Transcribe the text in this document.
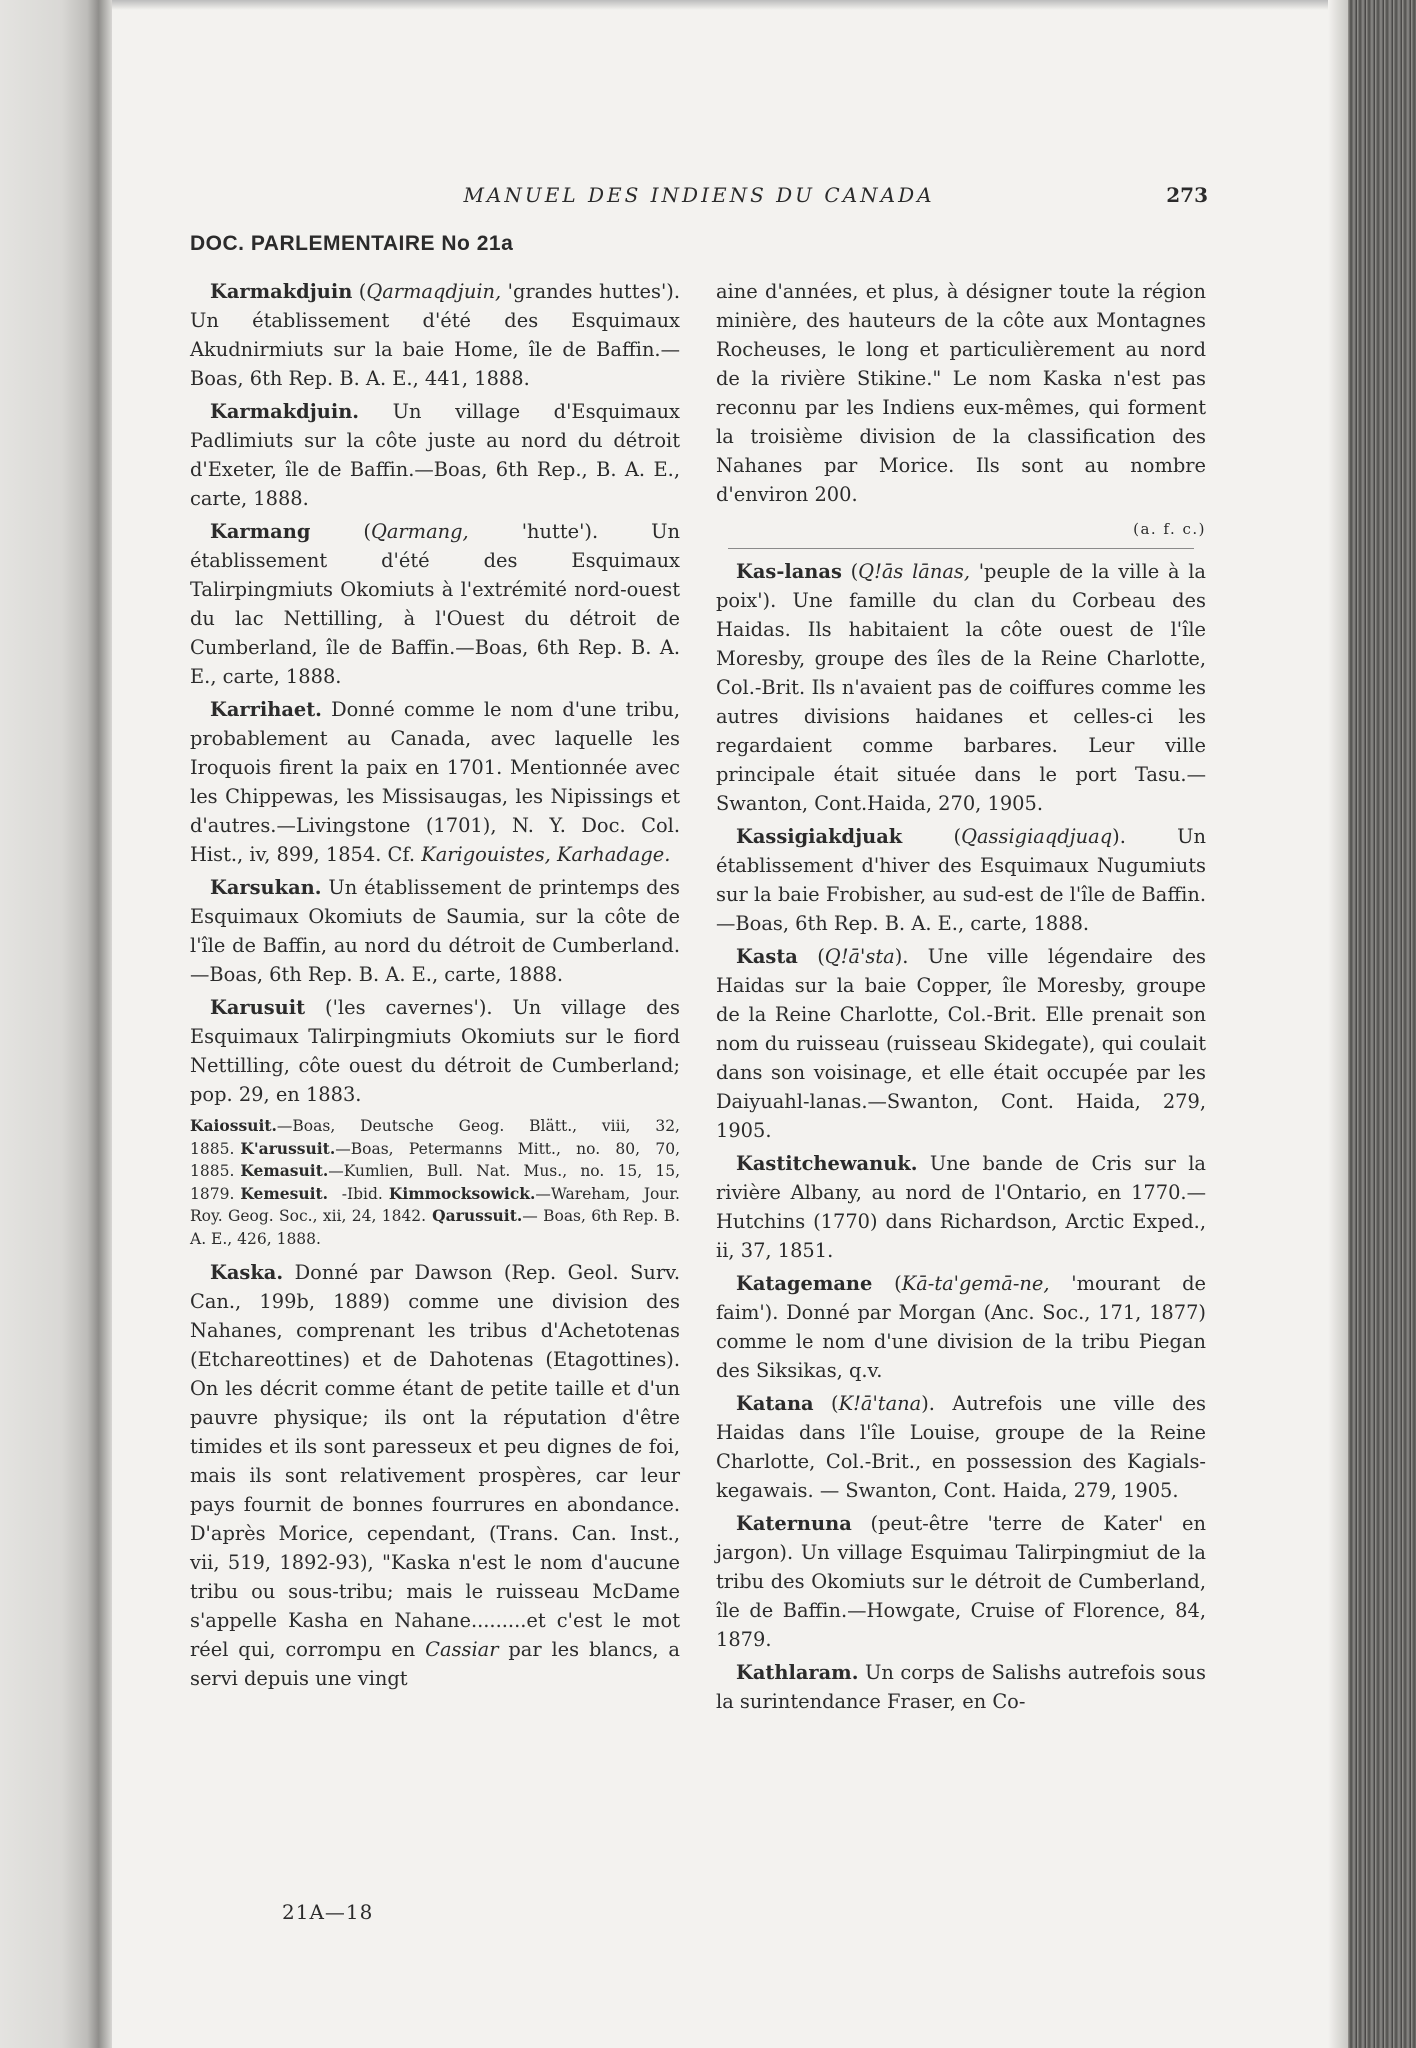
MANUEL DES INDIENS DU CANADA	273
DOC. PARLEMENTAIRE No 21a

Karmakdjuin (Qarmaqdjuin, 'grandes huttes'). Un établissement d'été des Esquimaux Akudnirmiuts sur la baie Home, île de Baffin.—Boas, 6th Rep. B. A. E., 441, 1888.

Karmakdjuin. Un village d'Esquimaux Padlimiuts sur la côte juste au nord du détroit d'Exeter, île de Baffin.—Boas, 6th Rep., B. A. E., carte, 1888.

Karmang (Qarmang, 'hutte'). Un établissement d'été des Esquimaux Talirpingmiuts Okomiuts à l'extrémité nord-ouest du lac Nettilling, à l'Ouest du détroit de Cumberland, île de Baffin.—Boas, 6th Rep. B. A. E., carte, 1888.

Karrihaet. Donné comme le nom d'une tribu, probablement au Canada, avec laquelle les Iroquois firent la paix en 1701. Mentionnée avec les Chippewas, les Missisaugas, les Nipissings et d'autres.—Livingstone (1701), N. Y. Doc. Col. Hist., iv, 899, 1854. Cf. Karigouistes, Karhadage.

Karsukan. Un établissement de printemps des Esquimaux Okomiuts de Saumia, sur la côte de l'île de Baffin, au nord du détroit de Cumberland.—Boas, 6th Rep. B. A. E., carte, 1888.

Karusuit ('les cavernes'). Un village des Esquimaux Talirpingmiuts Okomiuts sur le fiord Nettilling, côte ouest du détroit de Cumberland; pop. 29, en 1883.

Kaiossuit.—Boas, Deutsche Geog. Blätt., viii, 32, 1885. K'arussuit.—Boas, Petermanns Mitt., no. 80, 70, 1885. Kemasuit.—Kumlien, Bull. Nat. Mus., no. 15, 15, 1879. Kemesuit. -Ibid. Kimmocksowick.—Wareham, Jour. Roy. Geog. Soc., xii, 24, 1842. Qarussuit.— Boas, 6th Rep. B. A. E., 426, 1888.

Kaska. Donné par Dawson (Rep. Geol. Surv. Can., 199b, 1889) comme une division des Nahanes, comprenant les tribus d'Achetotenas (Etchareottines) et de Dahotenas (Etagottines). On les décrit comme étant de petite taille et d'un pauvre physique; ils ont la réputation d'être timides et ils sont paresseux et peu dignes de foi, mais ils sont relativement prospères, car leur pays fournit de bonnes fourrures en abondance. D'après Morice, cependant, (Trans. Can. Inst., vii, 519, 1892-93), "Kaska n'est le nom d'aucune tribu ou sous-tribu; mais le ruisseau McDame s'appelle Kasha en Nahane.........et c'est le mot réel qui, corrompu en Cassiar par les blancs, a servi depuis une vingt

aine d'années, et plus, à désigner toute la région minière, des hauteurs de la côte aux Montagnes Rocheuses, le long et particulièrement au nord de la rivière Stikine." Le nom Kaska n'est pas reconnu par les Indiens eux-mêmes, qui forment la troisième division de la classification des Nahanes par Morice. Ils sont au nombre d'environ 200.

(a. f. c.)

Kas-lanas (Q!ās lānas, 'peuple de la ville à la poix'). Une famille du clan du Corbeau des Haidas. Ils habitaient la côte ouest de l'île Moresby, groupe des îles de la Reine Charlotte, Col.-Brit. Ils n'avaient pas de coiffures comme les autres divisions haidanes et celles-ci les regardaient comme barbares. Leur ville principale était située dans le port Tasu.—Swanton, Cont.Haida, 270, 1905.

Kassigiakdjuak (Qassigiaqdjuaq). Un établissement d'hiver des Esquimaux Nugumiuts sur la baie Frobisher, au sud-est de l'île de Baffin.—Boas, 6th Rep. B. A. E., carte, 1888.

Kasta (Q!ā'sta). Une ville légendaire des Haidas sur la baie Copper, île Moresby, groupe de la Reine Charlotte, Col.-Brit. Elle prenait son nom du ruisseau (ruisseau Skidegate), qui coulait dans son voisinage, et elle était occupée par les Daiyuahl-lanas.—Swanton, Cont. Haida, 279, 1905.

Kastitchewanuk. Une bande de Cris sur la rivière Albany, au nord de l'Ontario, en 1770.—Hutchins (1770) dans Richardson, Arctic Exped., ii, 37, 1851.

Katagemane (Kā-ta'gemā-ne, 'mourant de faim'). Donné par Morgan (Anc. Soc., 171, 1877) comme le nom d'une division de la tribu Piegan des Siksikas, q.v.

Katana (K!ā'tana). Autrefois une ville des Haidas dans l'île Louise, groupe de la Reine Charlotte, Col.-Brit., en possession des Kagials-kegawais. — Swanton, Cont. Haida, 279, 1905.

Katernuna (peut-être 'terre de Kater' en jargon). Un village Esquimau Talirpingmiut de la tribu des Okomiuts sur le détroit de Cumberland, île de Baffin.—Howgate, Cruise of Florence, 84, 1879.

Kathlaram. Un corps de Salishs autrefois sous la surintendance Fraser, en Co-

21A—18
